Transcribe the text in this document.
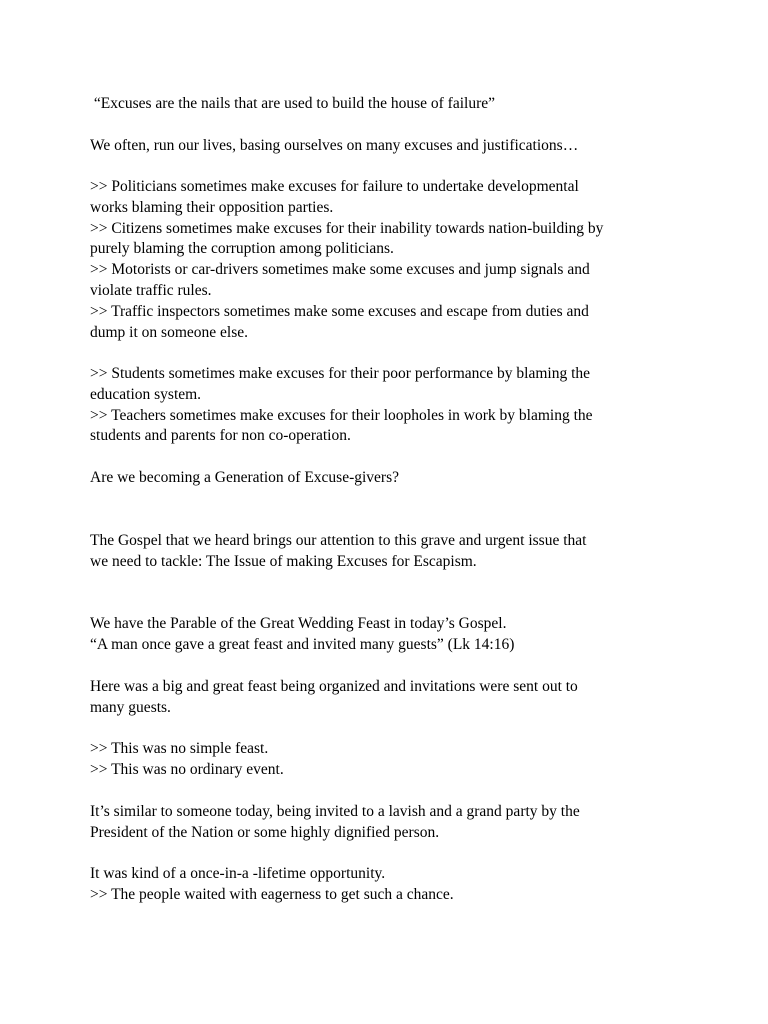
“Excuses are the nails that are used to build the house of failure”

We often, run our lives, basing ourselves on many excuses and justifications…

>> Politicians sometimes make excuses for failure to undertake developmental
works blaming their opposition parties.
>> Citizens sometimes make excuses for their inability towards nation-building by
purely blaming the corruption among politicians.
>> Motorists or car-drivers sometimes make some excuses and jump signals and
violate traffic rules.
>> Traffic inspectors sometimes make some excuses and escape from duties and
dump it on someone else.

>> Students sometimes make excuses for their poor performance by blaming the
education system.
>> Teachers sometimes make excuses for their loopholes in work by blaming the
students and parents for non co-operation.

Are we becoming a Generation of Excuse-givers?

The Gospel that we heard brings our attention to this grave and urgent issue that
we need to tackle: The Issue of making Excuses for Escapism.

We have the Parable of the Great Wedding Feast in today’s Gospel.
“A man once gave a great feast and invited many guests” (Lk 14:16)

Here was a big and great feast being organized and invitations were sent out to
many guests.

>> This was no simple feast.
>> This was no ordinary event.

It’s similar to someone today, being invited to a lavish and a grand party by the
President of the Nation or some highly dignified person.

It was kind of a once-in-a -lifetime opportunity.
>> The people waited with eagerness to get such a chance.
